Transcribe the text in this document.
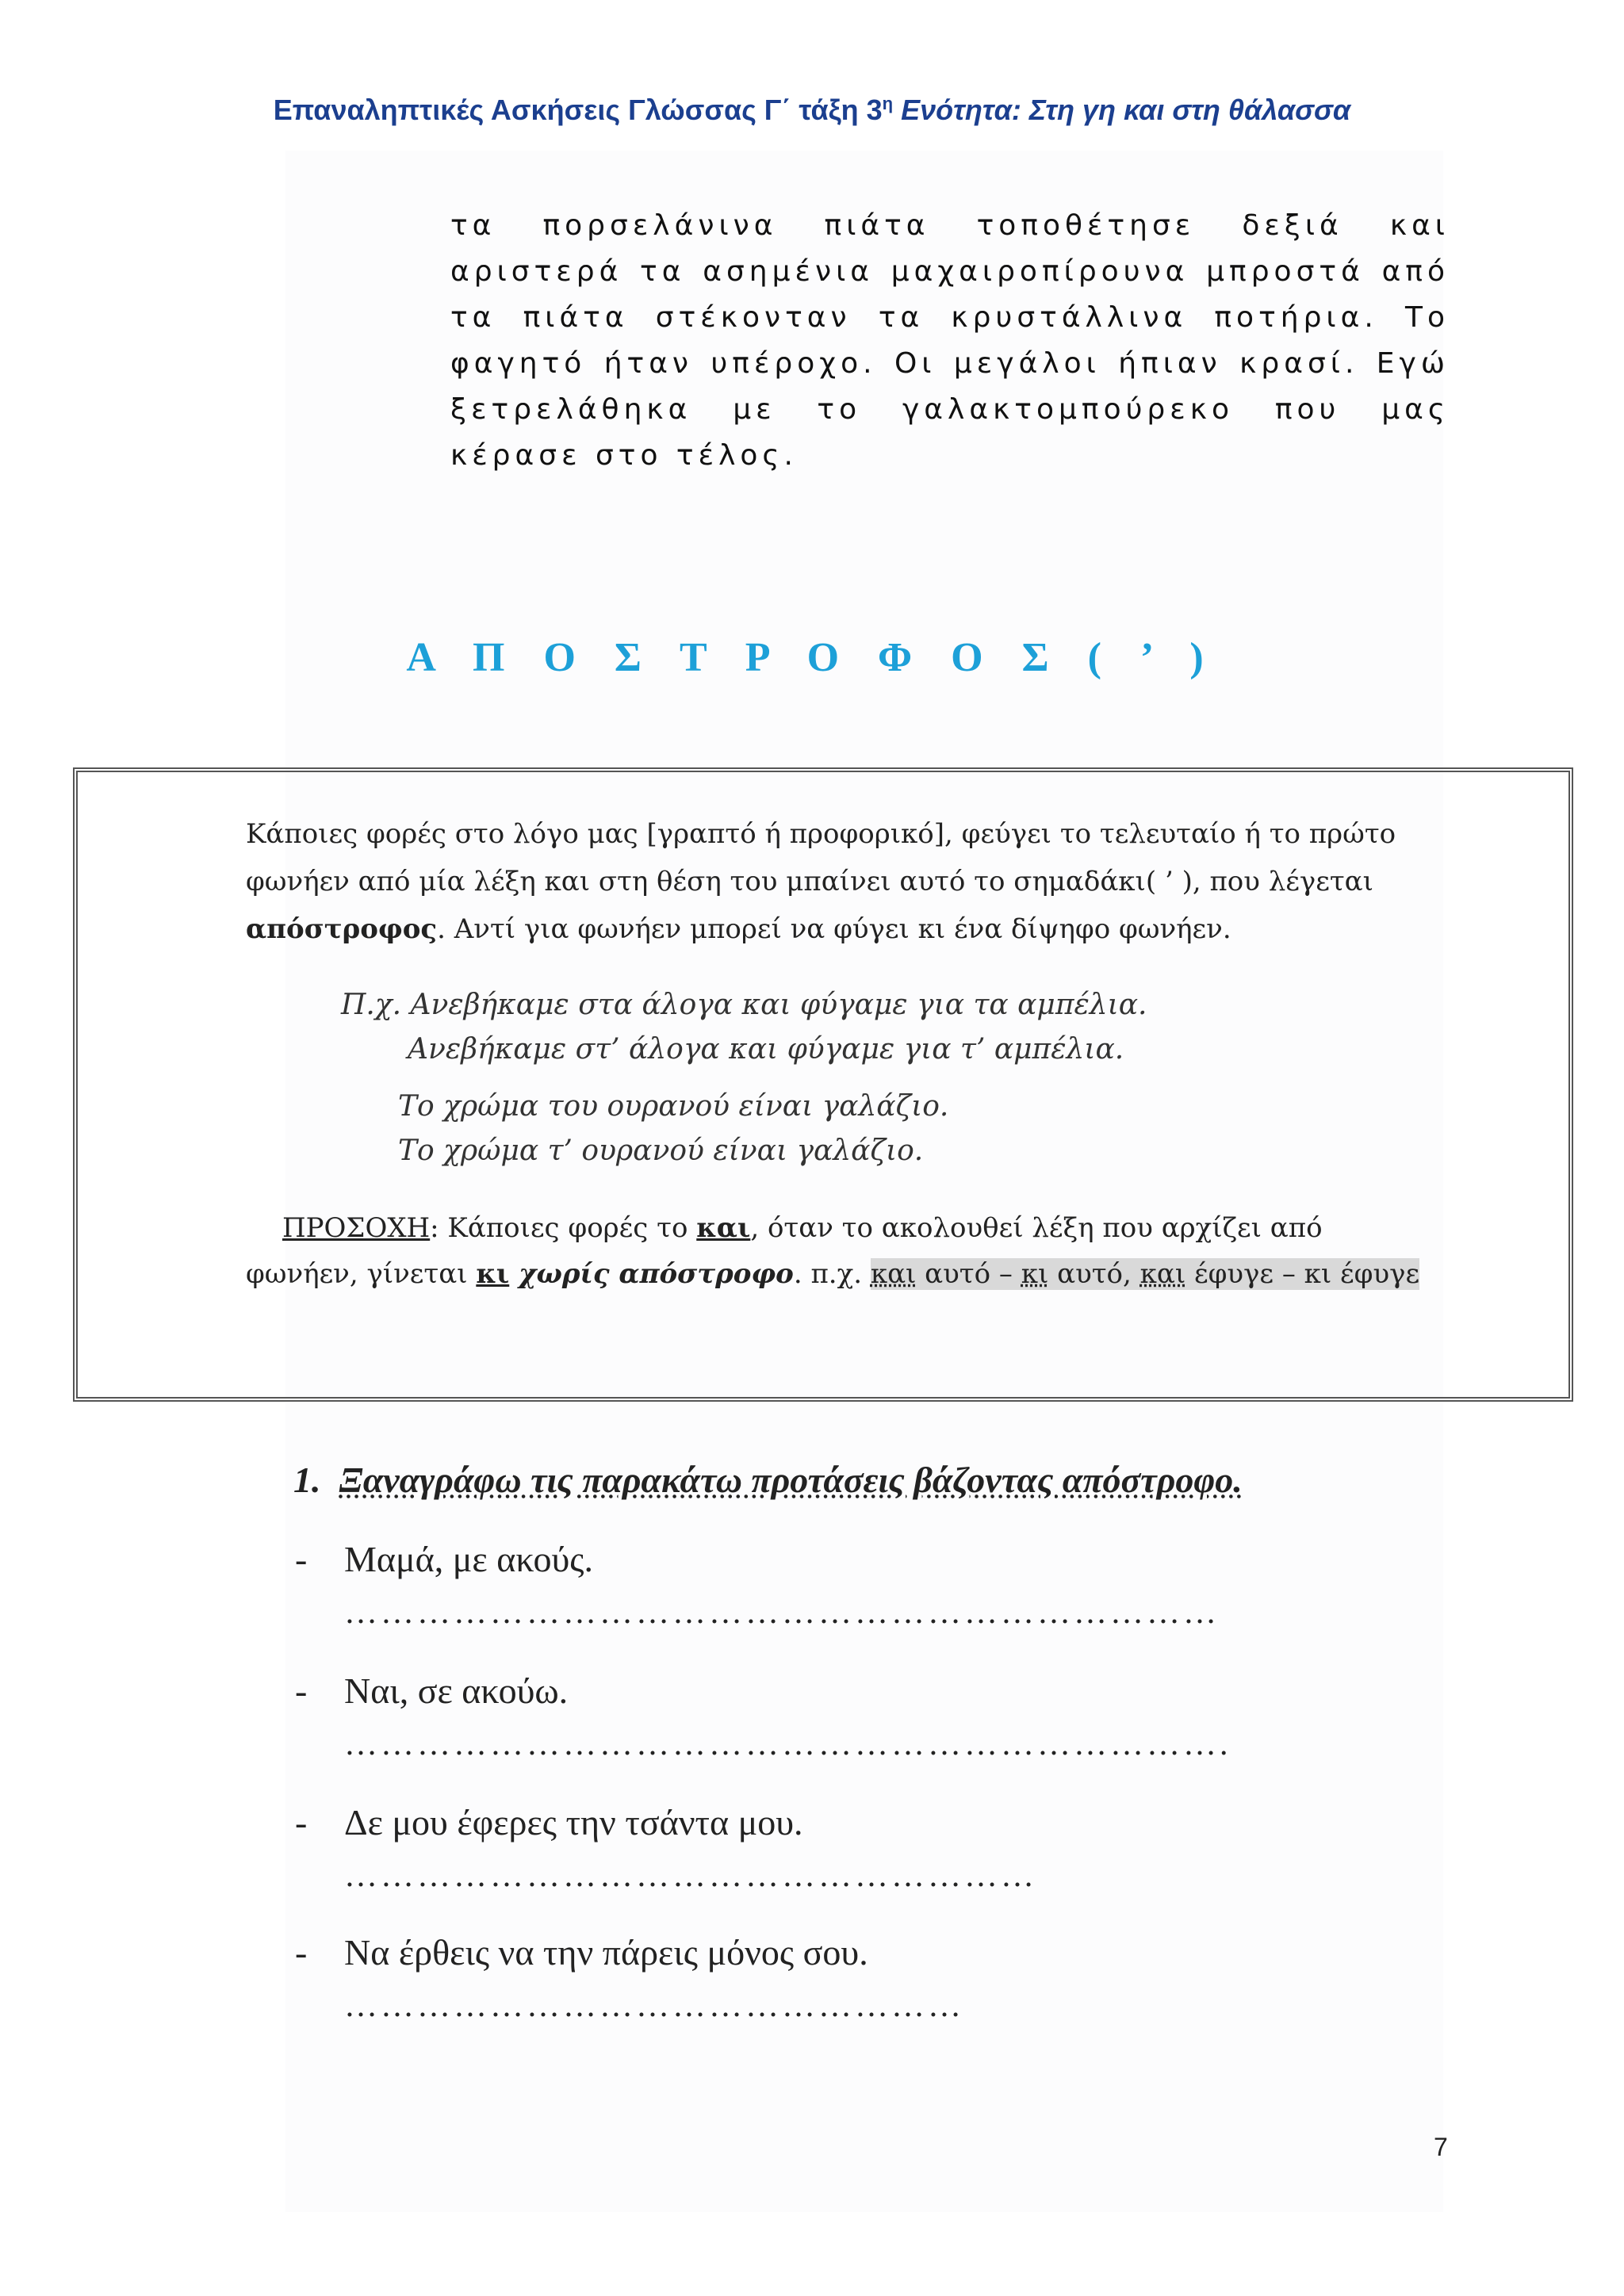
Επαναληπτικές Ασκήσεις Γλώσσας Γ΄ τάξη $3^\eta$ Ενότητα: Στη γη και στη θάλασσα
τα πορσελάνινα πιάτα τοποθέτησε δεξιά και αριστερά τα ασημένια μαχαιροπίρουνα μπροστά από τα πιάτα στέκονταν τα κρυστάλλινα ποτήρια. Το φαγητό ήταν υπέροχο. Οι μεγάλοι ήπιαν κρασί. Εγώ ξετρελάθηκα με το γαλακτομπούρεκο που μας κέρασε στο τέλος.
Α Π Ο Σ Τ Ρ Ο Φ Ο Σ ( ’ )
Κάποιες φορές στο λόγο μας [γραπτό ή προφορικό], φεύγει το τελευταίο ή το πρώτο
φωνήεν από μία λέξη και στη θέση του μπαίνει αυτό το σημαδάκι( ’ ), που λέγεται
απόστροφος. Αντί για φωνήεν μπορεί να φύγει κι ένα δίψηφο φωνήεν.
Π.χ. Ανεβήκαμε στα άλογα και φύγαμε για τα αμπέλια.
Ανεβήκαμε στ’ άλογα και φύγαμε για τ’ αμπέλια.
Το χρώμα του ουρανού είναι γαλάζιο.
Το χρώμα τ’ ουρανού είναι γαλάζιο.
ΠΡΟΣΟΧΗ: Κάποιες φορές το και, όταν το ακολουθεί λέξη που αρχίζει από
φωνήεν, γίνεται κι χωρίς απόστροφο. π.χ. και αυτό – κι αυτό, και έφυγε – κι έφυγε
1. Ξαναγράφω τις παρακάτω προτάσεις βάζοντας απόστροφο.
- Μαμά, με ακούς.
………………………………………………………………
- Ναι, σε ακούω.
……………………………………………………………….
- Δε μου έφερες την τσάντα μου.
…………………………………………………
- Να έρθεις να την πάρεις μόνος σου.
……………………………………………
7
